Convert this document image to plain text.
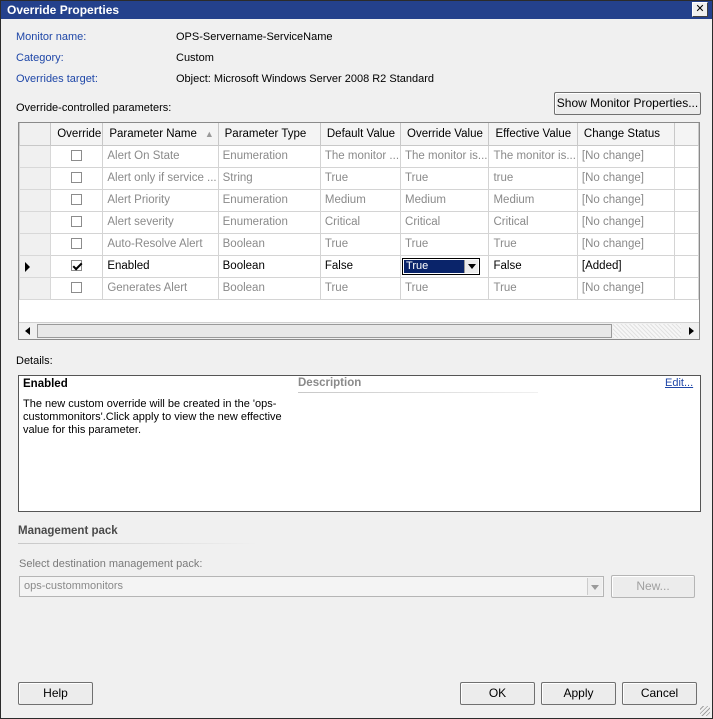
Override Properties	✕
Monitor name:	OPS-Servername-ServiceName
Category:	Custom
Overrides target:	Object: Microsoft Windows Server 2008 R2 Standard
Override-controlled parameters:	Show Monitor Properties...
	Override	Parameter Name ▲	Parameter Type	Default Value	Override Value	Effective Value	Change Status	
		Alert On State	Enumeration	The monitor ...	The monitor is...	The monitor is...	[No change]	
		Alert only if service ...	String	True	True	true	[No change]	
		Alert Priority	Enumeration	Medium	Medium	Medium	[No change]	
		Alert severity	Enumeration	Critical	Critical	Critical	[No change]	
		Auto-Resolve Alert	Boolean	True	True	True	[No change]	

		Enabled	Boolean	False	True	False	[Added]	
		Generates Alert	Boolean	True	True	True	[No change]	
Details:
Enabled	Description	Edit...
The new custom override will be created in the 'ops-custommonitors'.Click apply to view the new effective value for this parameter.
Management pack
Select destination management pack:
ops-custommonitors	New...
Help	OK	Apply	Cancel
